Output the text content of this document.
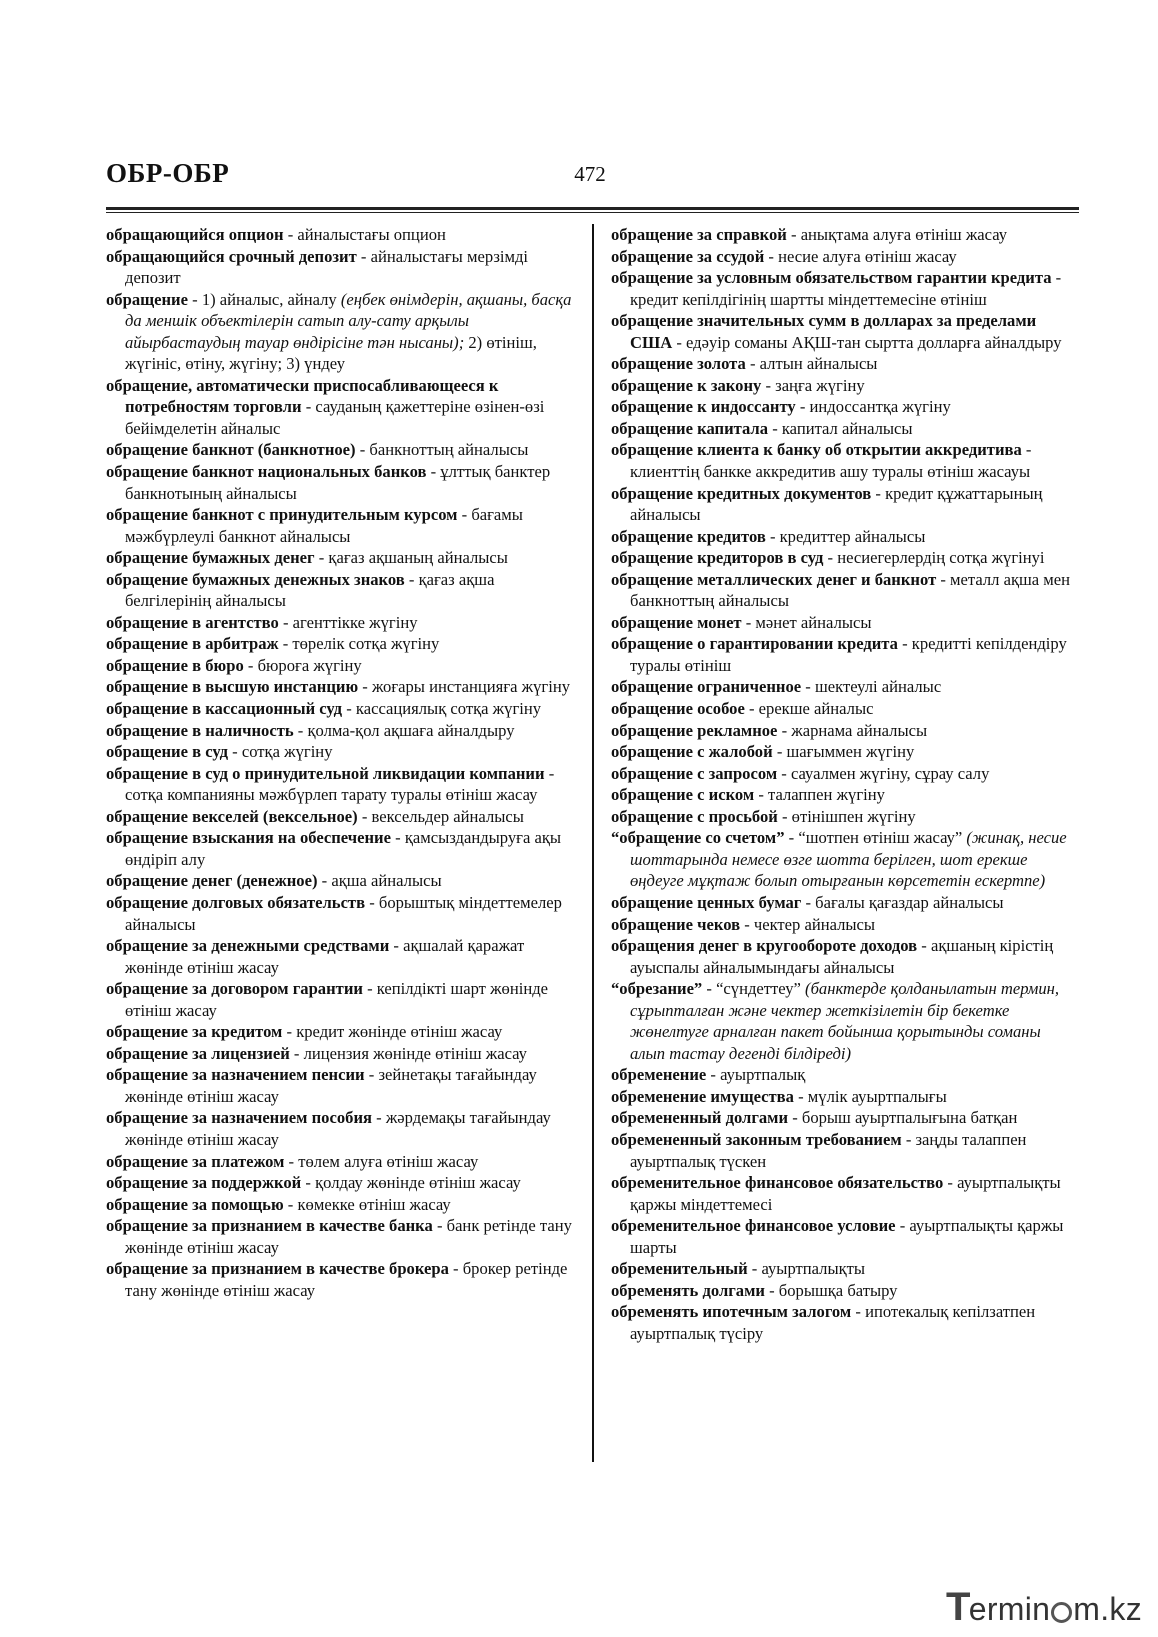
ОБР-ОБР	472
обращающийся опцион - айналыстағы опцион
обращающийся срочный депозит - айналыстағы мерзімді депозит
обращение - 1) айналыс, айналу (еңбек өнімдерін, ақшаны, басқа да меншік объектілерін сатып алу-сату арқылы айырбастаудың тауар өндірісіне тән нысаны); 2) өтініш, жүгініс, өтіну, жүгіну; 3) үндеу
обращение, автоматически приспосабливающееся к потребностям торговли - сауданың қажеттеріне өзінен-өзі бейімделетін айналыс
обращение банкнот (банкнотное) - банкноттың айналысы
обращение банкнот национальных банков - ұлттық банктер банкнотының айналысы
обращение банкнот с принудительным курсом - бағамы мәжбүрлеулі банкнот айналысы
обращение бумажных денег - қағаз ақшаның айналысы
обращение бумажных денежных знаков - қағаз ақша белгілерінің айналысы
обращение в агентство - агенттікке жүгіну
обращение в арбитраж - төрелік сотқа жүгіну
обращение в бюро - бюроға жүгіну
обращение в высшую инстанцию - жоғары инстанцияға жүгіну
обращение в кассационный суд - кассациялық сотқа жүгіну
обращение в наличность - қолма-қол ақшаға айналдыру
обращение в суд - сотқа жүгіну
обращение в суд о принудительной ликвидации компании - сотқа компанияны мәжбүрлеп тарату туралы өтініш жасау
обращение векселей (вексельное) - вексельдер айналысы
обращение взыскания на обеспечение - қамсыздандыруға ақы өндіріп алу
обращение денег (денежное) - ақша айналысы
обращение долговых обязательств - борыштық міндеттемелер айналысы
обращение за денежными средствами - ақшалай қаражат жөнінде өтініш жасау
обращение за договором гарантии - кепілдікті шарт жөнінде өтініш жасау
обращение за кредитом - кредит жөнінде өтініш жасау
обращение за лицензией - лицензия жөнінде өтініш жасау
обращение за назначением пенсии - зейнетақы тағайындау жөнінде өтініш жасау
обращение за назначением пособия - жәрдемақы тағайындау жөнінде өтініш жасау
обращение за платежом - төлем алуға өтініш жасау
обращение за поддержкой - қолдау жөнінде өтініш жасау
обращение за помощью - көмекке өтініш жасау
обращение за признанием в качестве банка - банк ретінде тану жөнінде өтініш жасау
обращение за признанием в качестве брокера - брокер ретінде тану жөнінде өтініш жасау
обращение за справкой - анықтама алуға өтініш жасау
обращение за ссудой - несие алуға өтініш жасау
обращение за условным обязательством гарантии кредита - кредит кепілдігінің шартты міндеттемесіне өтініш
обращение значительных сумм в долларах за пределами США - едәуір соманы АҚШ-тан сыртта долларға айналдыру
обращение золота - алтын айналысы
обращение к закону - заңға жүгіну
обращение к индоссанту - индоссантқа жүгіну
обращение капитала - капитал айналысы
обращение клиента к банку об открытии аккредитива - клиенттің банкке аккредитив ашу туралы өтініш жасауы
обращение кредитных документов - кредит құжаттарының айналысы
обращение кредитов - кредиттер айналысы
обращение кредиторов в суд - несиегерлердің сотқа жүгінуі
обращение металлических денег и банкнот - металл ақша мен банкноттың айналысы
обращение монет - мәнет айналысы
обращение о гарантировании кредита - кредитті кепілдендіру туралы өтініш
обращение ограниченное - шектеулі айналыс
обращение особое - ерекше айналыс
обращение рекламное - жарнама айналысы
обращение с жалобой - шағыммен жүгіну
обращение с запросом - сауалмен жүгіну, сұрау салу
обращение с иском - талаппен жүгіну
обращение с просьбой - өтінішпен жүгіну
“обращение со счетом” - “шотпен өтініш жасау” (жинақ, несие шоттарында немесе өзге шотта берілген, шот ерекше өңдеуге мұқтаж болып отырғанын көрсететін ескертпе)
обращение ценных бумаг - бағалы қағаздар айналысы
обращение чеков - чектер айналысы
обращения денег в кругообороте доходов - ақшаның кірістің ауыспалы айналымындағы айналысы
“обрезание” - “сүндеттеу” (банктерде қолданылатын термин, сұрыпталған және чектер жеткізілетін бір бекетке жөнелтуге арналған пакет бойынша қорытынды соманы алып тастау дегенді білдіреді)
обременение - ауыртпалық
обременение имущества - мүлік ауыртпалығы
обремененный долгами - борыш ауыртпалығына батқан
обремененный законным требованием - заңды талаппен ауыртпалық түскен
обременительное финансовое обязательство - ауыртпалықты қаржы міндеттемесі
обременительное финансовое условие - ауыртпалықты қаржы шарты
обременительный - ауыртпалықты
обременять долгами - борышқа батыру
обременять ипотечным залогом - ипотекалық кепілзатпен ауыртпалық түсіру
Termin m.kz
